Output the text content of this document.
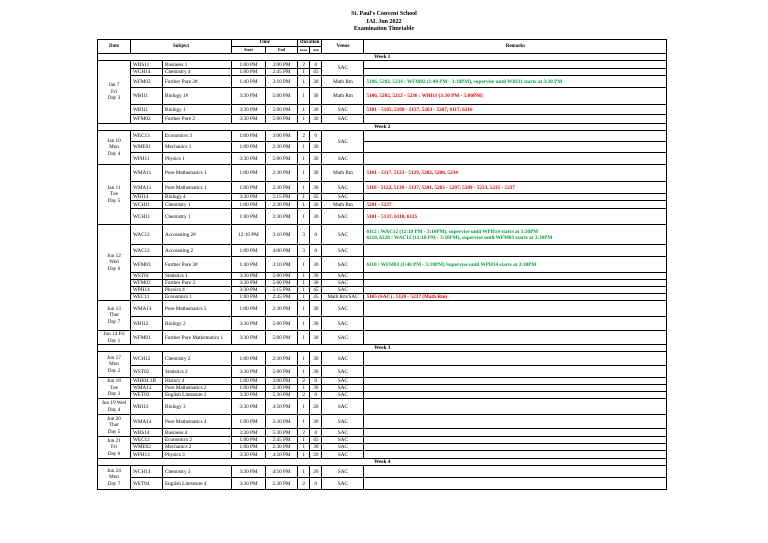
St. Paul's Convent School
IAL Jun 2022
Examination Timetable
Date	Subject		Time		Duration		Venue	Remarks
			Start	End	hour	min		
Week 1								
Jan 7
Fri
Day 3	WBS11	Business 1	1:00 PM	3:00 PM	2	0	SAC	
	WCH14	Chemistry 4	1:00 PM	2:45 PM	1	45		
	WFM02	Further Pure 2#	1:40 PM	3:10 PM	1	30	Math Rm	5106, 5202, 5234 : WFM02 (1:40 PM - 3:10PM), supervise until WBI11 starts at 3:30 PM
	WBI11	Biology 1#	3:30 PM	5:00 PM	1	30	Math Rm	5106, 5202, 5212 - 5236 : WBI11 (3:30 PM - 5:00PM)
	WBI11	Biology 1	3:30 PM	5:00 PM	1	30	SAC	5101 - 5105, 5108 - 5137, 5203 - 5207, 6117, 6216
	WFM02	Further Pure 2	3:30 PM	5:00 PM	1	30	SAC	
Week 2								
Jan 10
Mon
Day 4	WEC13	Economics 3	1:00 PM	3:00 PM	2	0	SAC	
	WME01	Mechanics 1	1:00 PM	2:30 PM	1	30		
	WPH11	Physics 1	3:30 PM	5:00 PM	1	30	SAC	
Jan 11
Tue
Day 5	WMA11	Pure Mathematics 1	1:00 PM	2:30 PM	1	30	Math Rm	5101 - 5117, 5123 - 5129, 5202, 5206, 5234
	WMA11	Pure Mathematics 1	1:00 PM	2:30 PM	1	30	SAC	5118 - 5122, 5130 - 5137, 5201, 5203 - 5207, 5209 - 5233, 5235 - 5237
	WBI14	Biology 4	3:30 PM	5:15 PM	1	45	SAC	
	WCH11	Chemistry 1	1:00 PM	2:30 PM	1	30	Math Rm	5201 - 5237
	WCH11	Chemistry 1	1:00 PM	2:30 PM	1	30	SAC	5101 - 5137, 6118, 6125
Jun 12
Wed
Day 6	WAC12	Accounting 2#	12:10 PM	3:10 PM	3	0	SAC	6112 : WAC12 (12:10 PM - 3:10PM), supervise until WPH14 starts at 3:30PM
6210, 6220 : WAC12 (12:10 PM - 3:10PM), supervise until WFM03 starts at 3:30PM
	WAC12	Accounting 2	1:00 PM	4:00 PM	3	0	SAC	
	WFM03	Further Pure 3#	1:40 PM	3:10 PM	1	30	SAC	6110 : WFM03 (1:40 PM - 3:10PM) Supervise until WPH14 starts at 3:30PM
	WST01	Statistics 1	3:30 PM	5:00 PM	1	30	SAC	
	WFM03	Further Pure 3	3:30 PM	5:00 PM	1	30	SAC	
	WPH14	Physics 4	3:30 PM	5:15 PM	1	45	SAC	
	WEC11	Economics 1	1:00 PM	2:45 PM	1	45	Math Rm/SAC	5105 (SAC) , 5120 - 5237 (Math Rm)
Jun 13
Thur
Day 7	WMA13	Pure Mathematics 3	1:00 PM	2:30 PM	1	30	SAC	
	WBI12	Biology 2	3:30 PM	5:00 PM	1	30	SAC	
Jun 14 Fri
Day 1	WFM01	Further Pure Mathematics 1	3:30 PM	5:00 PM	1	30	SAC	
Week 3								
Jun 17
Mon
Day 2	WCH12	Chemistry 2	1:00 PM	2:30 PM	1	30	SAC	
	WST02	Statistics 2	3:30 PM	5:00 PM	1	30	SAC	
Jun 18
Tue
Day 3	WHI04 1B	History 4	1:00 PM	3:00 PM	2	0	SAC	
	WMA12	Pure Mathematics 2	1:00 PM	2:30 PM	1	30	SAC	
	WET02	English Literature 2	3:30 PM	5:30 PM	2	0	SAC	
Jun 19 Wed
Day 4	WBI13	Biology 3	3:30 PM	4:50 PM	1	20	SAC	
Jun 20
Thur
Day 5	WMA14	Pure Mathematics 4	1:00 PM	2:30 PM	1	30	SAC	
	WBS14	Business 4	3:30 PM	5:30 PM	2	0	SAC	
Jun 21
Fri
Day 6	WEC12	Economics 2	1:00 PM	2:45 PM	1	45	SAC	
	WME02	Mechanics 2	1:00 PM	2:30 PM	1	30	SAC	
	WPH13	Physics 3	3:30 PM	4:50 PM	1	20	SAC	
Week 4								
Jun 24
Mon
Day 7	WCH13	Chemistry 3	3:30 PM	4:50 PM	1	20	SAC	
	WET04	English Literature 4	3:30 PM	5:30 PM	2	0	SAC	
